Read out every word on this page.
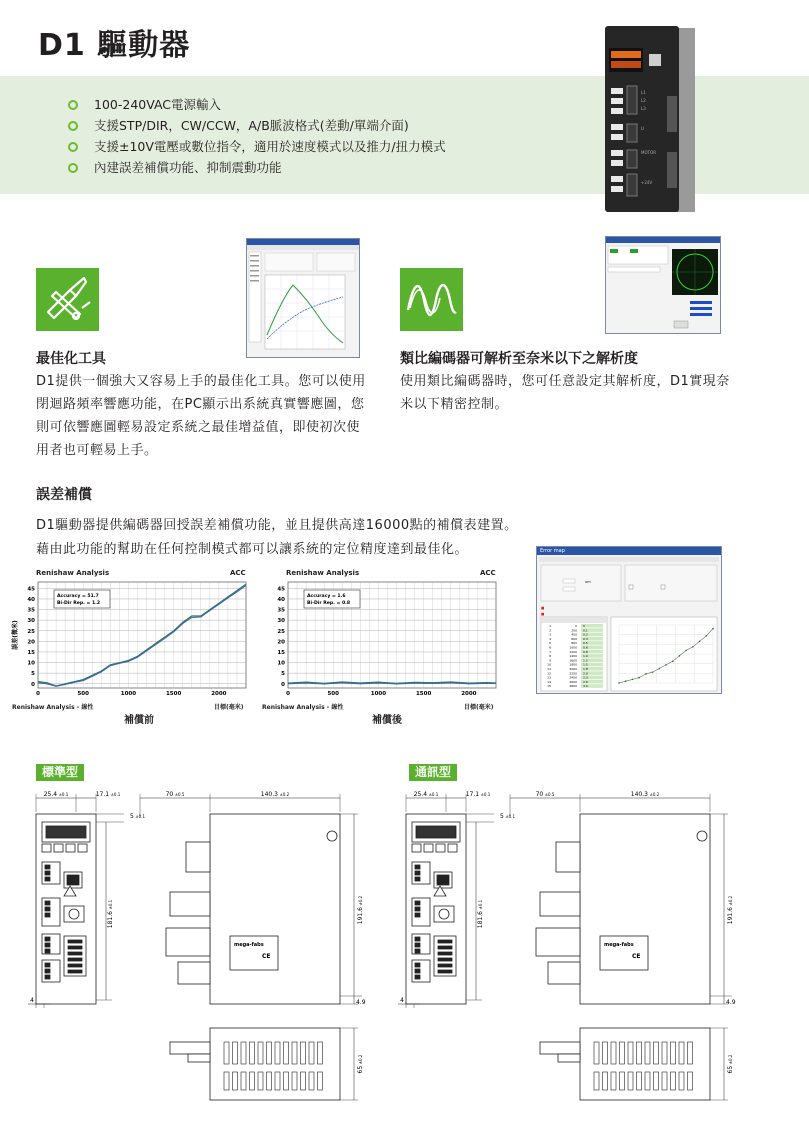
D1 驅動器
100-240VAC電源輸入
支援STP/DIR，CW/CCW，A/B脈波格式(差動/單端介面)
支援±10V電壓或數位指令，適用於速度模式以及推力/扭力模式
內建誤差補償功能、抑制震動功能
L1
L2
L3
U
MOTOR
+24V
最佳化工具
D1提供一個強大又容易上手的最佳化工具。您可以使用閉迴路頻率響應功能，在PC顯示出系統真實響應圖，您則可依響應圖輕易設定系統之最佳增益值，即使初次使用者也可輕易上手。
類比編碼器可解析至奈米以下之解析度
使用類比編碼器時，您可任意設定其解析度，D1實現奈米以下精密控制。
誤差補償
D1驅動器提供編碼器回授誤差補償功能，並且提供高達16000點的補償表建置。
藉由此功能的幫助在任何控制模式都可以讓系統的定位精度達到最佳化。
Renishaw Analysis	ACC
0
5
10
15
20
25
30
35
40
45
0	500	1000	1500	2000
誤差(微米)
Accuracy = 51.7
Bi-Dir Rep. = 1.2
Renishaw Analysis - 線性	目標(毫米)
補償前
Renishaw Analysis	ACC
0
5
10
15
20
25
30
35
40
45
0	500	1000	1500	2000
Accuracy = 1.6
Bi-Dir Rep. = 0.8
Renishaw Analysis - 線性	目標(毫米)
補償後
Error map
um
■
■
1	0 0
2	200 0.1
3	400 0.2
4	600 0.3
5	800 0.5
6	1000 0.6
7	1200 0.8
8	1400 1.0
9	1600 1.2
10	1800 1.5
11	2000 1.8
12	2200 2.0
13	2400 2.3
14	2600 2.6
15	2800 3.0
標準型	通訊型
25.4 ±0.1	17.1 ±0.1
5 ±0.1
181.6±0.1
4
mega-fabs
CE
70 ±0.5	140.3 ±0.2
191.6±0.2
4.9
65±0.2
25.4 ±0.1	17.1 ±0.1
5 ±0.1
181.6±0.1
4
mega-fabs
CE
70 ±0.5	140.3 ±0.2
191.6±0.2
4.9
65±0.2
